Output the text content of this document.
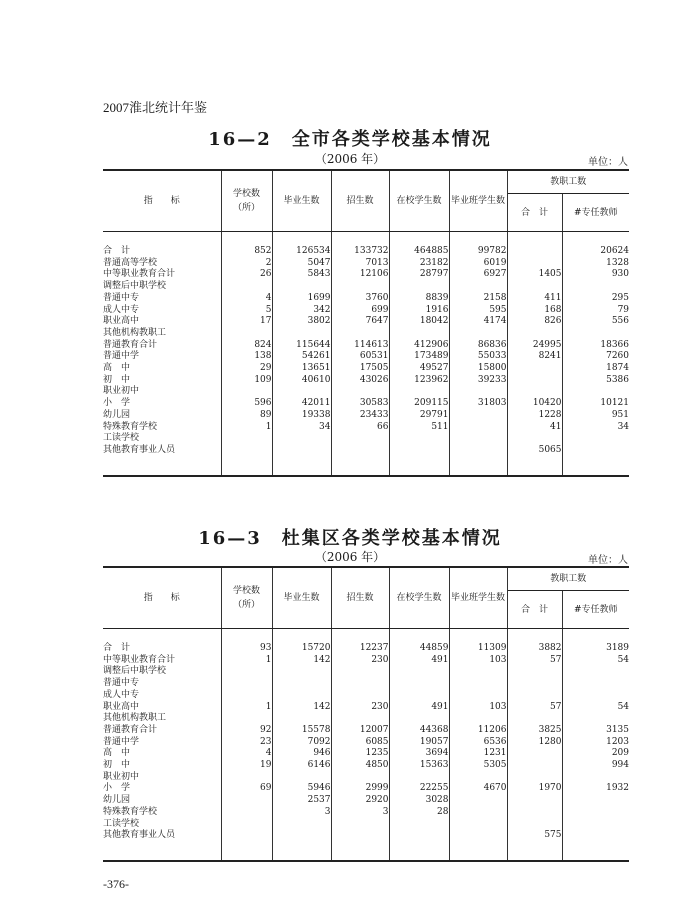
2007淮北统计年鉴
16—2　全市各类学校基本情况
（2006 年）	单位：人
指　　标	学校数（所）	毕业生数	招生数	在校学生数	毕业班学生数	教职工数	
						合　计	#专任教师

合　计	852	126534	133732	464885	99782		20624
普通高等学校	2	5047	7013	23182	6019		1328
中等职业教育合计	26	5843	12106	28797	6927	1405	930
调整后中职学校							
普通中专	4	1699	3760	8839	2158	411	295
成人中专	5	342	699	1916	595	168	79
职业高中	17	3802	7647	18042	4174	826	556
其他机构教职工							
普通教育合计	824	115644	114613	412906	86836	24995	18366
普通中学	138	54261	60531	173489	55033	8241	7260
高　中	29	13651	17505	49527	15800		1874
初　中	109	40610	43026	123962	39233		5386
职业初中							
小　学	596	42011	30583	209115	31803	10420	10121
幼儿园	89	19338	23433	29791		1228	951
特殊教育学校	1	34	66	511		41	34
工读学校							
其他教育事业人员						5065	

16—3　杜集区各类学校基本情况
（2006 年）	单位：人
指　　标	学校数（所）	毕业生数	招生数	在校学生数	毕业班学生数	教职工数	
						合　计	#专任教师

合　计	93	15720	12237	44859	11309	3882	3189
中等职业教育合计	1	142	230	491	103	57	54
调整后中职学校							
普通中专							
成人中专							
职业高中	1	142	230	491	103	57	54
其他机构教职工							
普通教育合计	92	15578	12007	44368	11206	3825	3135
普通中学	23	7092	6085	19057	6536	1280	1203
高　中	4	946	1235	3694	1231		209
初　中	19	6146	4850	15363	5305		994
职业初中							
小　学	69	5946	2999	22255	4670	1970	1932
幼儿园		2537	2920	3028			
特殊教育学校		3	3	28			
工读学校							
其他教育事业人员						575	

-376-
